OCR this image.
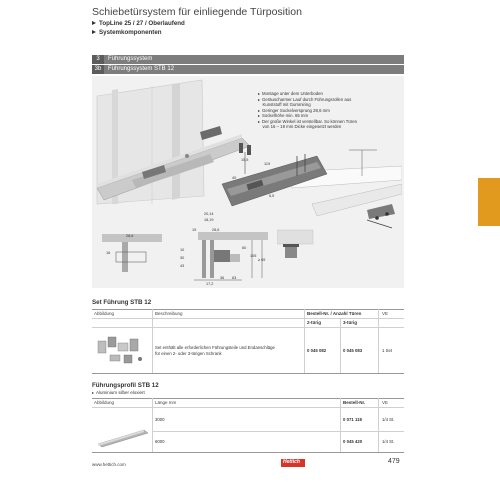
Schiebetürsystem für einliegende Türposition
TopLine 25 / 27 / Oberlaufend
Systemkomponenten
3	Führungssystem
3b	Führungssystem STB 12
15,5
40
119
6,5
28,6
16
20,14
18,19
19	28,6
10
30
43
36 63
60
105
17,2
≥ 65
Montage unter dem Unterboden
Geräuscharmer Lauf durch Führungsrollen aus
Kunststoff mit Gummiring
Geringer Sockelversprung 28,6 mm
Sockelhöhe min. 65 mm
Der große Winkel ist verstellbar. So können Türen
von 16 – 19 mm Dicke eingesetzt werden
Set Führung STB 12
Abbildung	Beschreibung	Bestell-Nr. / Anzahl Türen	VE
2-türig	3-türig
Set enthält alle erforderlichen Führungsteile und Endanschläge
für einen 2- oder 3-türigen Schrank
0 045 082	0 045 083	1 Set
Führungsprofil STB 12
Aluminium silber eloxiert
Abbildung	Länge mm	Bestell-Nr.	VE
3000	0 071 118	1/4 St.
6000	0 045 420	1/4 St.
www.hettich.com	Hettich	479
